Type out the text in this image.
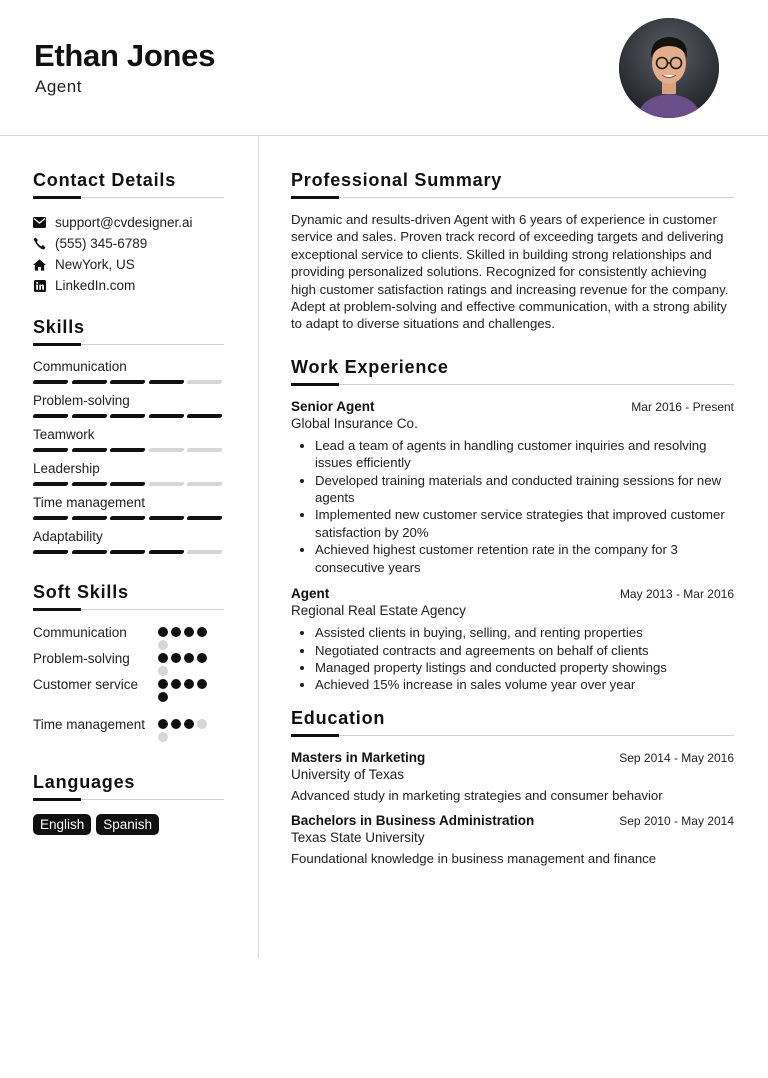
Ethan Jones
Agent
Contact Details
support@cvdesigner.ai
(555) 345-6789
NewYork, US
LinkedIn.com
Skills
Communication
Problem-solving
Teamwork
Leadership
Time management
Adaptability
Soft Skills
Communication
Problem-solving
Customer service
Time management
Languages
English	Spanish
Professional Summary
Dynamic and results-driven Agent with 6 years of experience in customer service and sales. Proven track record of exceeding targets and delivering exceptional service to clients. Skilled in building strong relationships and providing personalized solutions. Recognized for consistently achieving high customer satisfaction ratings and increasing revenue for the company. Adept at problem-solving and effective communication, with a strong ability to adapt to diverse situations and challenges.
Work Experience
Senior Agent	Mar 2016 - Present
Global Insurance Co.
• Lead a team of agents in handling customer inquiries and resolving issues efficiently
• Developed training materials and conducted training sessions for new agents
• Implemented new customer service strategies that improved customer satisfaction by 20%
• Achieved highest customer retention rate in the company for 3 consecutive years
Agent	May 2013 - Mar 2016
Regional Real Estate Agency
• Assisted clients in buying, selling, and renting properties
• Negotiated contracts and agreements on behalf of clients
• Managed property listings and conducted property showings
• Achieved 15% increase in sales volume year over year
Education
Masters in Marketing	Sep 2014 - May 2016
University of Texas
Advanced study in marketing strategies and consumer behavior
Bachelors in Business Administration	Sep 2010 - May 2014
Texas State University
Foundational knowledge in business management and finance
